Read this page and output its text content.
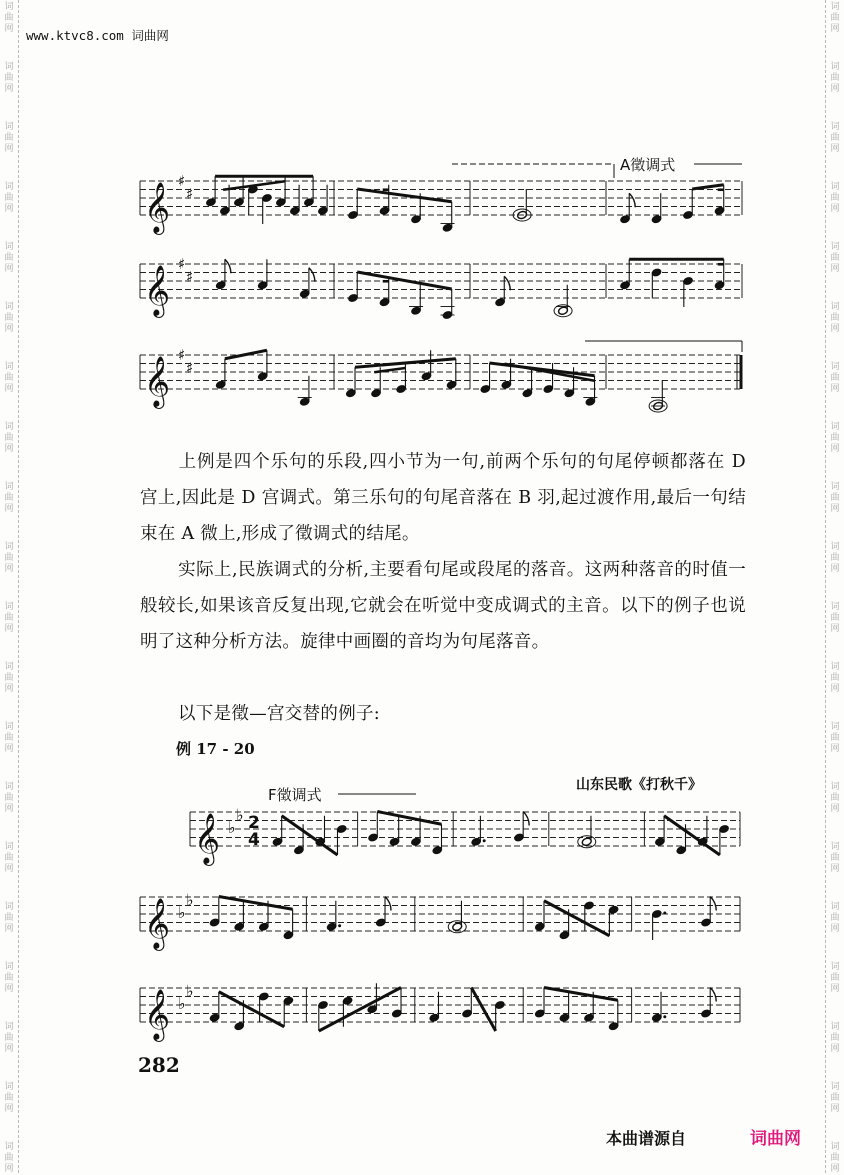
词
曲
网
词
曲
网
词
曲
网
词
曲
网
词
曲
网
词
曲
网
词
曲
网
词
曲
网
词
曲
网
词
曲
网
词
曲
网
词
曲
网
词
曲
网
词
曲
网
词
曲
网
词
曲
网
词
曲
网
词
曲
网
词
曲
网
词
曲
网
词
曲
网
词
曲
网
词
曲
网
词
曲
网
词
曲
网
词
曲
网
词
曲
网
词
曲
网
词
曲
网
词
曲
网
词
曲
网
词
曲
网
词
曲
网
词
曲
网
词
曲
网
词
曲
网
词
曲
网
词
曲
网
词
曲
网
词
曲
网
www.ktvc8.com 词曲网
𝄞
♯
♯
𝄞
♯
♯
𝄞
♯
♯
A徵调式
𝄞 ♭
♭ 2
4
𝄞 ♭
♭
𝄞 ♭
♭
F徵调式
上例是四个乐句的乐段,四小节为一句,前两个乐句的句尾停顿都落在 D 宫上,因此是 D 宫调式。第三乐句的句尾音落在 B 羽,起过渡作用,最后一句结束在 A 微上,形成了徵调式的结尾。
实际上,民族调式的分析,主要看句尾或段尾的落音。这两种落音的时值一般较长,如果该音反复出现,它就会在听觉中变成调式的主音。以下的例子也说明了这种分析方法。旋律中画圈的音均为句尾落音。
以下是徵—宫交替的例子:
例 17 - 20
山东民歌《打秋千》
282
本曲谱源自	词曲网
